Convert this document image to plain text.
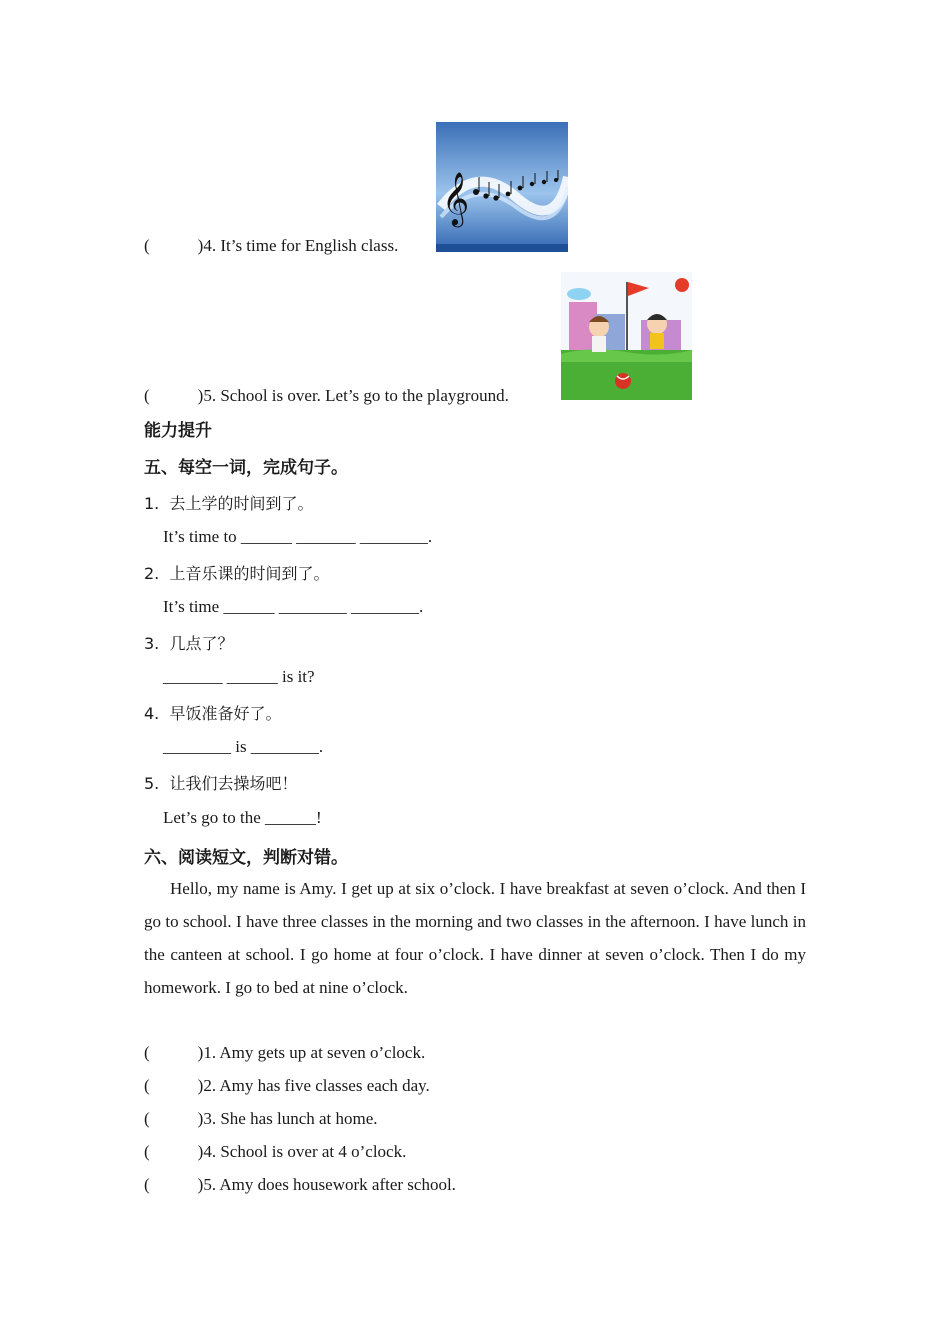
𝄞
(	)4. It’s time for English class.
(	)5. School is over. Let’s go to the playground.
能力提升
五、每空一词，完成句子。
1. 去上学的时间到了。
It’s time to ______ _______ ________.
2. 上音乐课的时间到了。
It’s time ______ ________ ________.
3. 几点了？
_______ ______ is it?
4. 早饭准备好了。
________ is ________.
5. 让我们去操场吧！
Let’s go to the ______!
六、阅读短文，判断对错。
Hello, my name is Amy. I get up at six o’clock. I have breakfast at seven o’clock. And then I go to school. I have three classes in the morning and two classes in the afternoon. I have lunch in the canteen at school. I go home at four o’clock. I have dinner at seven o’clock. Then I do my homework. I go to bed at nine o’clock.
(	)1. Amy gets up at seven o’clock.
(	)2. Amy has five classes each day.
(	)3. She has lunch at home.
(	)4. School is over at 4 o’clock.
(	)5. Amy does housework after school.
